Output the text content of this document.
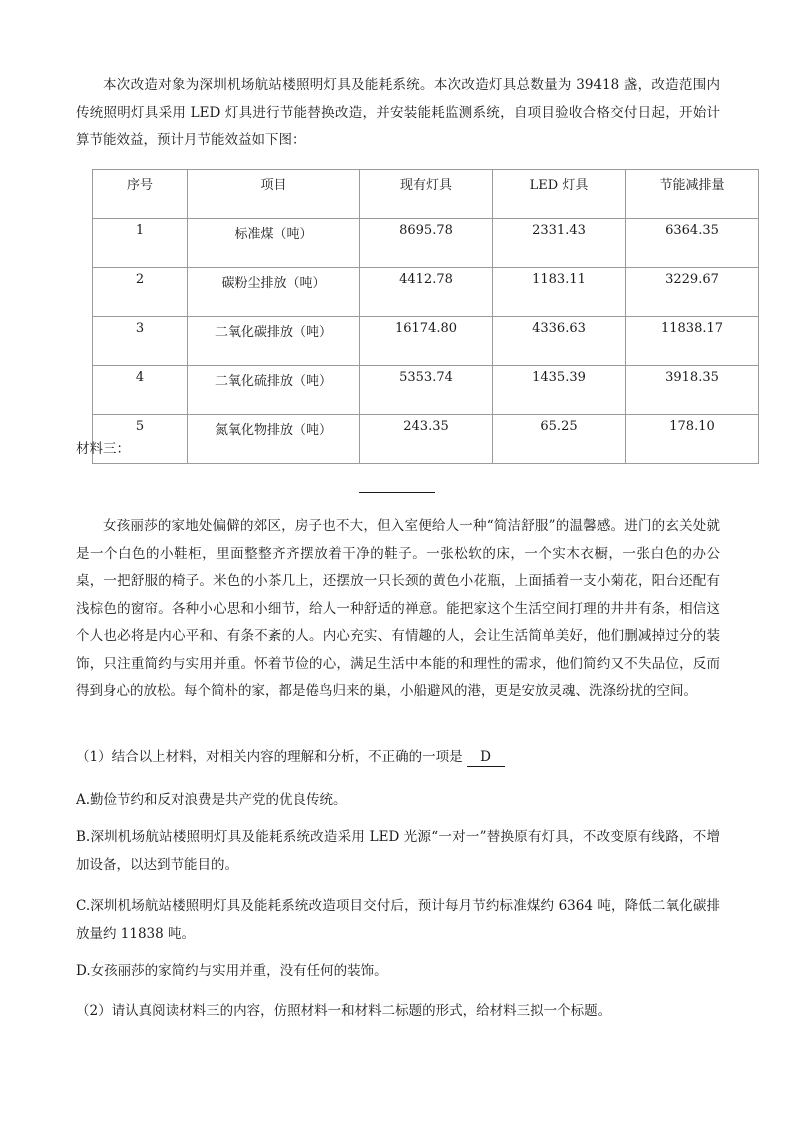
本次改造对象为深圳机场航站楼照明灯具及能耗系统。本次改造灯具总数量为 39418 盏，改造范围内传统照明灯具采用 LED 灯具进行节能替换改造，并安装能耗监测系统，自项目验收合格交付日起，开始计算节能效益，预计月节能效益如下图：

序号	项目	现有灯具	LED 灯具	节能减排量
1	标准煤（吨）	8695.78	2331.43	6364.35
2	碳粉尘排放（吨）	4412.78	1183.11	3229.67
3	二氧化碳排放（吨）	16174.80	4336.63	11838.17
4	二氧化硫排放（吨）	5353.74	1435.39	3918.35
5	氮氧化物排放（吨）	243.35	65.25	178.10

材料三：

女孩丽莎的家地处偏僻的郊区，房子也不大，但入室便给人一种“简洁舒服”的温馨感。进门的玄关处就是一个白色的小鞋柜，里面整整齐齐摆放着干净的鞋子。一张松软的床，一个实木衣橱，一张白色的办公桌，一把舒服的椅子。米色的小茶几上，还摆放一只长颈的黄色小花瓶，上面插着一支小菊花，阳台还配有浅棕色的窗帘。各种小心思和小细节，给人一种舒适的禅意。能把家这个生活空间打理的井井有条，相信这个人也必将是内心平和、有条不紊的人。内心充实、有情趣的人，会让生活简单美好，他们删减掉过分的装饰，只注重简约与实用并重。怀着节俭的心，满足生活中本能的和理性的需求，他们简约又不失品位，反而得到身心的放松。每个简朴的家，都是倦鸟归来的巢，小船避风的港，更是安放灵魂、洗涤纷扰的空间。

（1）结合以上材料，对相关内容的理解和分析，不正确的一项是 D

A.勤俭节约和反对浪费是共产党的优良传统。

B.深圳机场航站楼照明灯具及能耗系统改造采用 LED 光源“一对一”替换原有灯具，不改变原有线路，不增加设备，以达到节能目的。

C.深圳机场航站楼照明灯具及能耗系统改造项目交付后，预计每月节约标准煤约 6364 吨，降低二氧化碳排放量约 11838 吨。

D.女孩丽莎的家简约与实用并重，没有任何的装饰。

（2）请认真阅读材料三的内容，仿照材料一和材料二标题的形式，给材料三拟一个标题。
